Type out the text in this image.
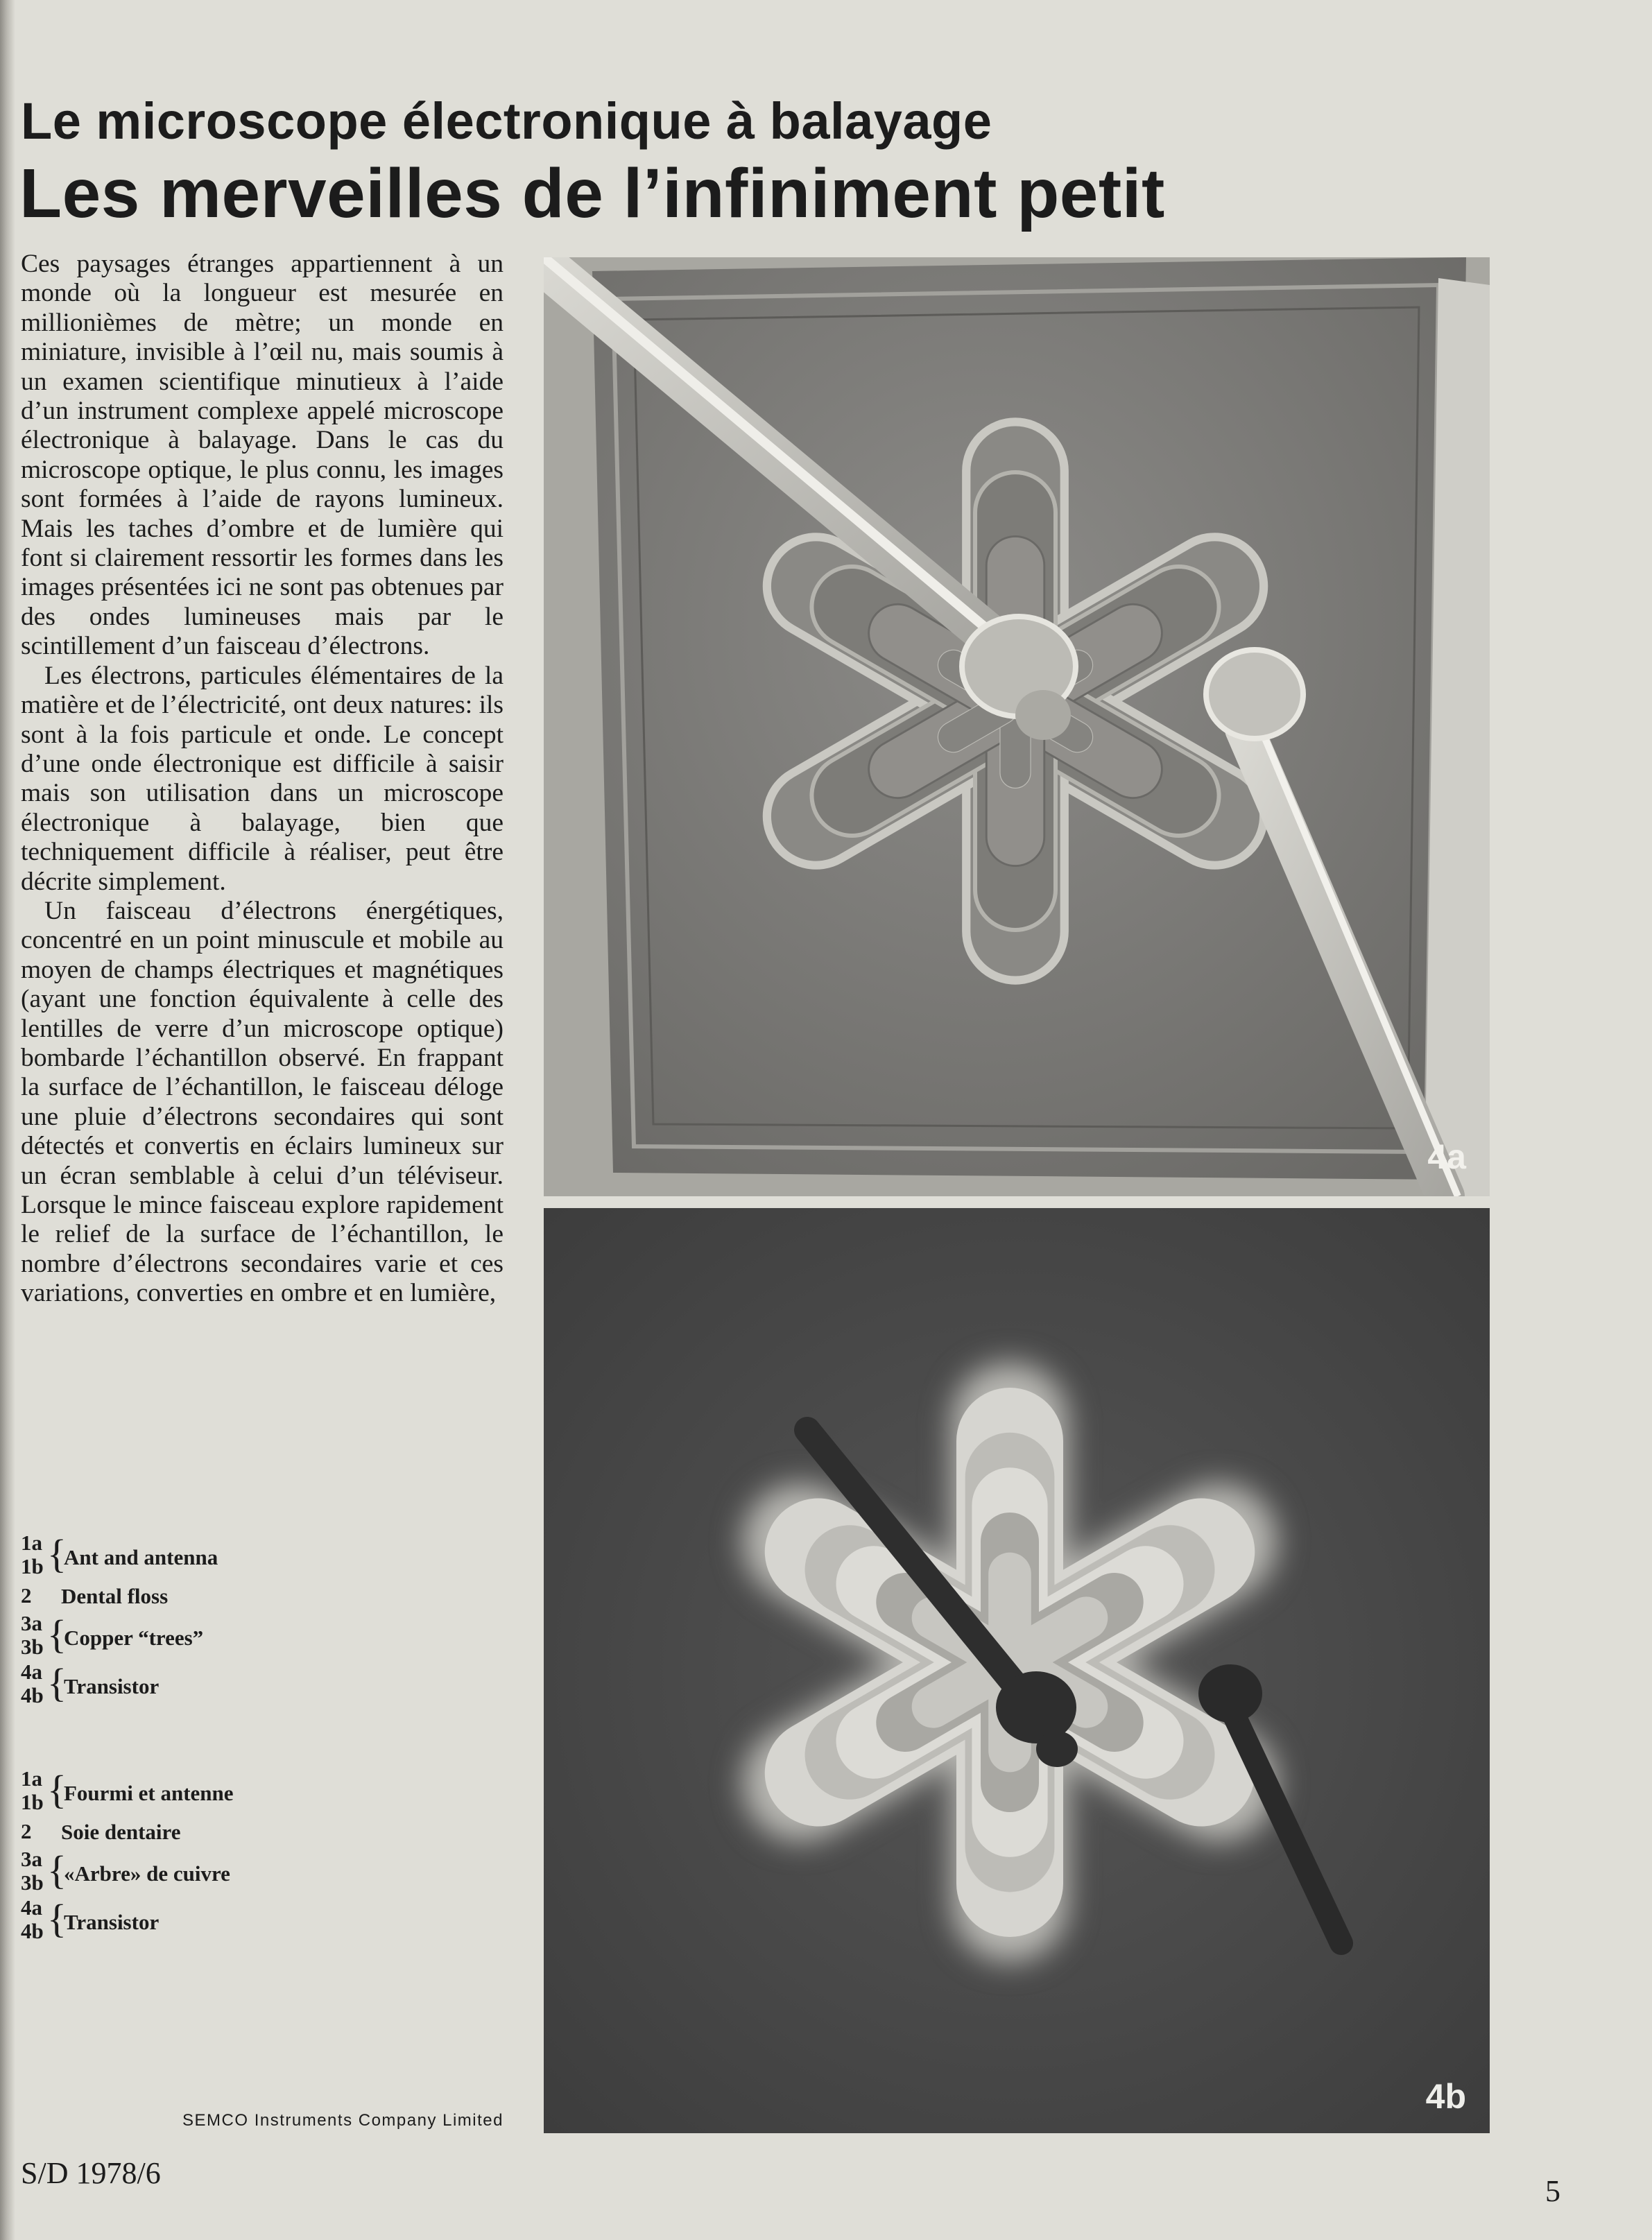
Le microscope électronique à balayage
Les merveilles de l’infiniment petit

Ces paysages étranges appartiennent à un monde où la longueur est mesurée en millionièmes de mètre; un monde en miniature, invisible à l’œil nu, mais soumis à un examen scientifique minutieux à l’aide d’un instrument complexe appelé microscope électronique à balayage. Dans le cas du microscope optique, le plus connu, les images sont formées à l’aide de rayons lumineux. Mais les taches d’ombre et de lumière qui font si clairement ressortir les formes dans les images présentées ici ne sont pas obtenues par des ondes lumineuses mais par le scintillement d’un faisceau d’électrons.

Les électrons, particules élémentaires de la matière et de l’électricité, ont deux natures: ils sont à la fois particule et onde. Le concept d’une onde électronique est difficile à saisir mais son utilisation dans un microscope électronique à balayage, bien que techniquement difficile à réaliser, peut être décrite simplement.

Un faisceau d’électrons énergétiques, concentré en un point minuscule et mobile au moyen de champs électriques et magnétiques (ayant une fonction équivalente à celle des lentilles de verre d’un microscope optique) bombarde l’échantillon observé. En frappant la surface de l’échantillon, le faisceau déloge une pluie d’électrons secondaires qui sont détectés et convertis en éclairs lumineux sur un écran semblable à celui d’un téléviseur. Lorsque le mince faisceau explore rapidement le relief de la surface de l’échantillon, le nombre d’électrons secondaires varie et ces variations, converties en ombre et en lumière,

1a
1b {
Ant and antenna
2	Dental floss
3a
3b {
Copper “trees”
4a
4b {
Transistor
1a
1b {
Fourmi et antenne
2	Soie dentaire
3a
3b {
«Arbre» de cuivre
4a
4b {
Transistor
4a
4b
SEMCO Instruments Company Limited
S/D 1978/6
5
